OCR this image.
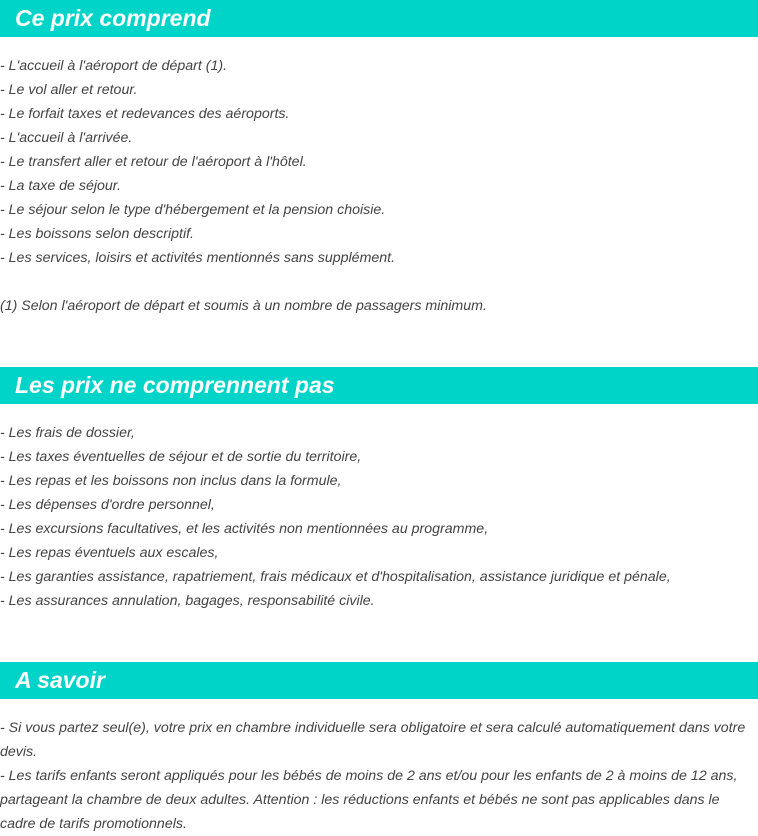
Ce prix comprend
- L'accueil à l'aéroport de départ (1).
- Le vol aller et retour.
- Le forfait taxes et redevances des aéroports.
- L'accueil à l'arrivée.
- Le transfert aller et retour de l'aéroport à l'hôtel.
- La taxe de séjour.
- Le séjour selon le type d'hébergement et la pension choisie.
- Les boissons selon descriptif.
- Les services, loisirs et activités mentionnés sans supplément.
(1) Selon l'aéroport de départ et soumis à un nombre de passagers minimum.
Les prix ne comprennent pas
- Les frais de dossier,
- Les taxes éventuelles de séjour et de sortie du territoire,
- Les repas et les boissons non inclus dans la formule,
- Les dépenses d'ordre personnel,
- Les excursions facultatives, et les activités non mentionnées au programme,
- Les repas éventuels aux escales,
- Les garanties assistance, rapatriement, frais médicaux et d'hospitalisation, assistance juridique et pénale,
- Les assurances annulation, bagages, responsabilité civile.
A savoir
- Si vous partez seul(e), votre prix en chambre individuelle sera obligatoire et sera calculé automatiquement dans votre devis.
- Les tarifs enfants seront appliqués pour les bébés de moins de 2 ans et/ou pour les enfants de 2 à moins de 12 ans, partageant la chambre de deux adultes. Attention : les réductions enfants et bébés ne sont pas applicables dans le cadre de tarifs promotionnels.
